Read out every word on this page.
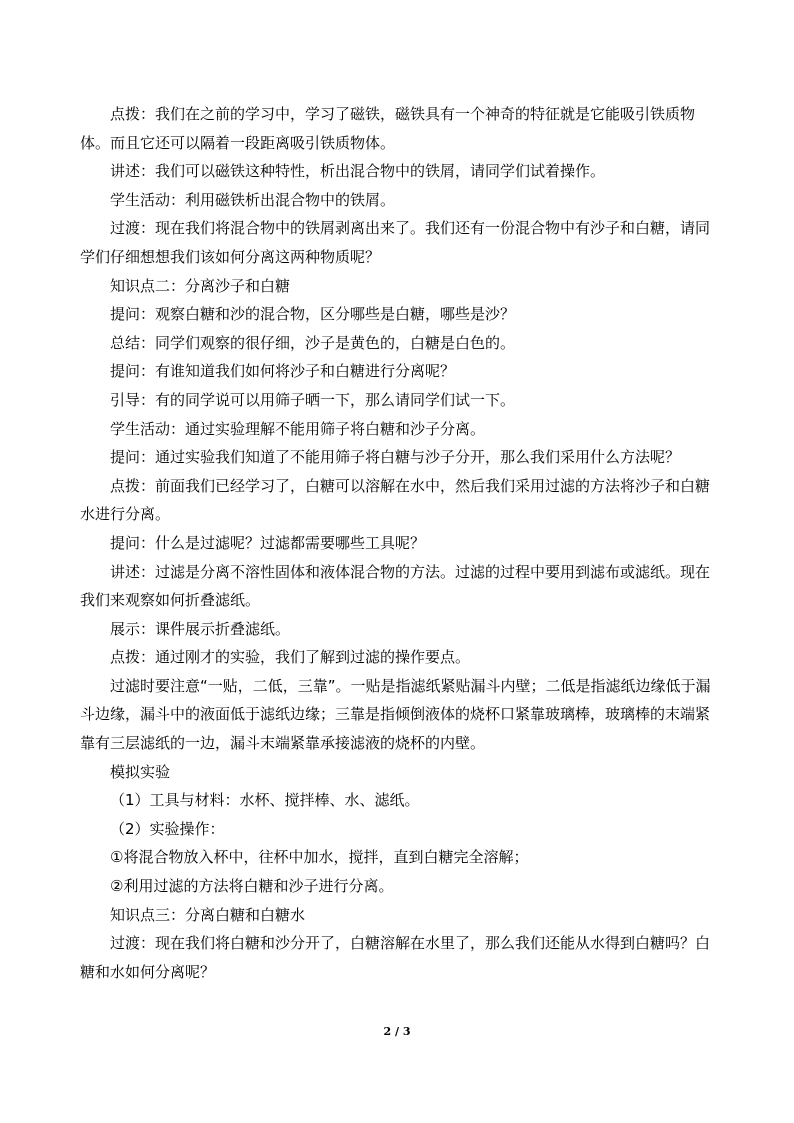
点拨：我们在之前的学习中，学习了磁铁，磁铁具有一个神奇的特征就是它能吸引铁质物体。而且它还可以隔着一段距离吸引铁质物体。

讲述：我们可以磁铁这种特性，析出混合物中的铁屑，请同学们试着操作。

学生活动：利用磁铁析出混合物中的铁屑。

过渡：现在我们将混合物中的铁屑剥离出来了。我们还有一份混合物中有沙子和白糖，请同学们仔细想想我们该如何分离这两种物质呢？

知识点二：分离沙子和白糖

提问：观察白糖和沙的混合物，区分哪些是白糖，哪些是沙？

总结：同学们观察的很仔细，沙子是黄色的，白糖是白色的。

提问：有谁知道我们如何将沙子和白糖进行分离呢？

引导：有的同学说可以用筛子晒一下，那么请同学们试一下。

学生活动：通过实验理解不能用筛子将白糖和沙子分离。

提问：通过实验我们知道了不能用筛子将白糖与沙子分开，那么我们采用什么方法呢？

点拨：前面我们已经学习了，白糖可以溶解在水中，然后我们采用过滤的方法将沙子和白糖水进行分离。

提问：什么是过滤呢？过滤都需要哪些工具呢？

讲述：过滤是分离不溶性固体和液体混合物的方法。过滤的过程中要用到滤布或滤纸。现在我们来观察如何折叠滤纸。

展示：课件展示折叠滤纸。

点拨：通过刚才的实验，我们了解到过滤的操作要点。

过滤时要注意“一贴，二低，三靠”。一贴是指滤纸紧贴漏斗内壁；二低是指滤纸边缘低于漏斗边缘，漏斗中的液面低于滤纸边缘；三靠是指倾倒液体的烧杯口紧靠玻璃棒，玻璃棒的末端紧靠有三层滤纸的一边，漏斗末端紧靠承接滤液的烧杯的内壁。

模拟实验

（1）工具与材料：水杯、搅拌棒、水、滤纸。

（2）实验操作：

①将混合物放入杯中，往杯中加水，搅拌，直到白糖完全溶解；

②利用过滤的方法将白糖和沙子进行分离。

知识点三：分离白糖和白糖水

过渡：现在我们将白糖和沙分开了，白糖溶解在水里了，那么我们还能从水得到白糖吗？白糖和水如何分离呢？

2 / 3
